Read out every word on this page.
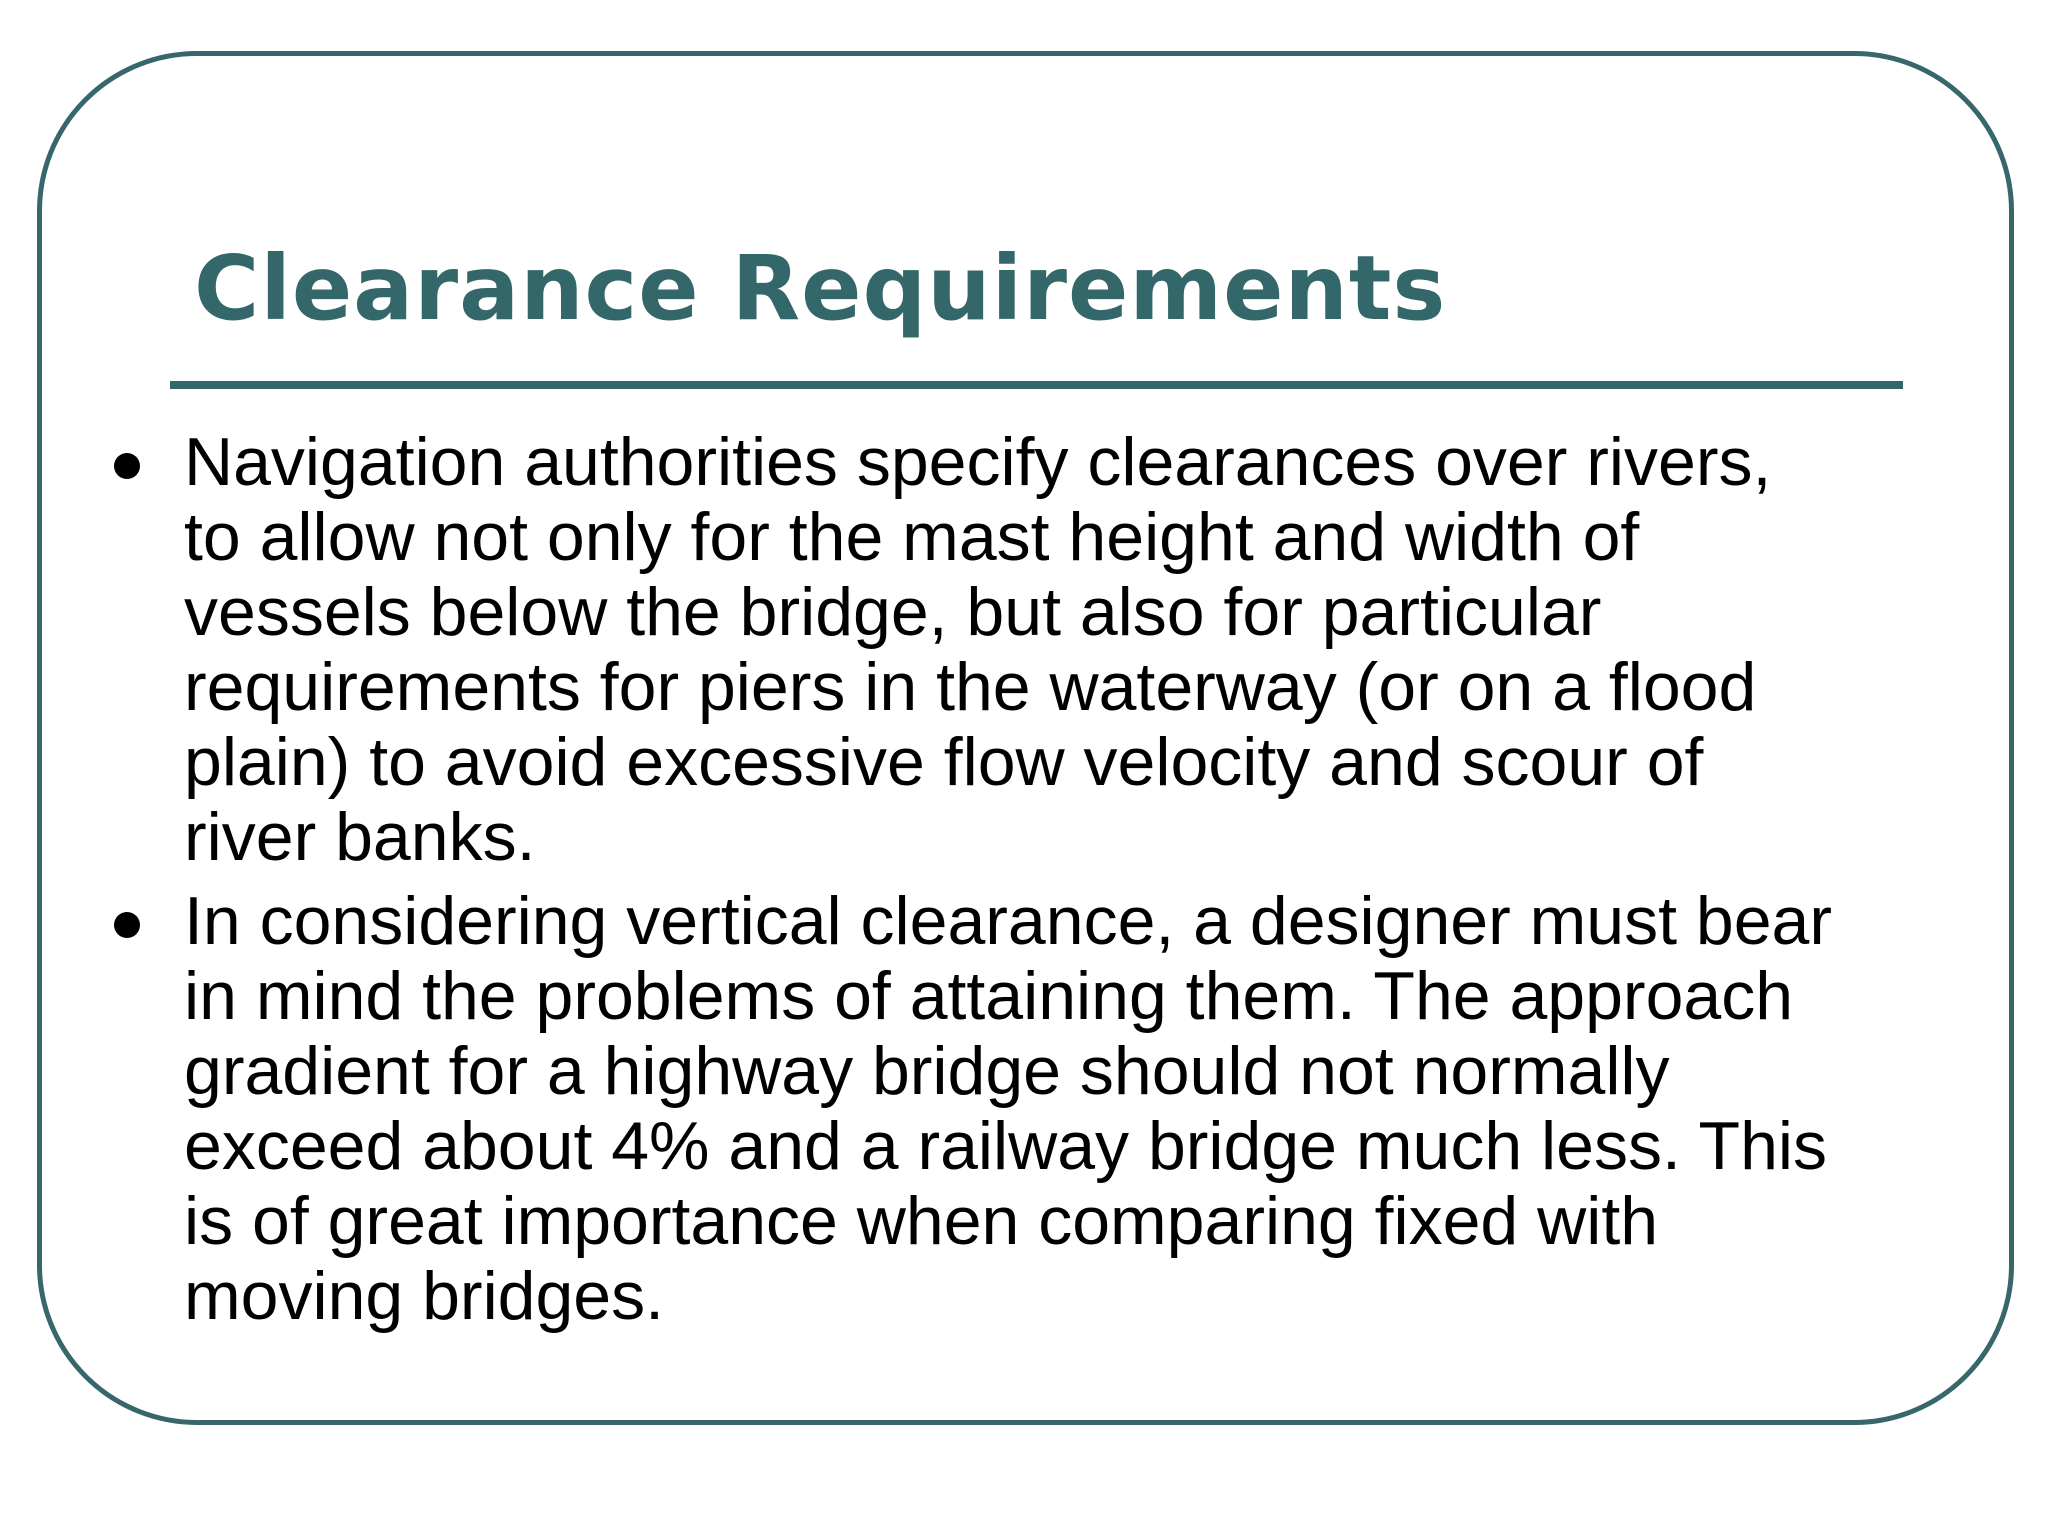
Clearance Requirements
Navigation authorities specify clearances over rivers,
to allow not only for the mast height and width of
vessels below the bridge, but also for particular
requirements for piers in the waterway (or on a flood
plain) to avoid excessive flow velocity and scour of
river banks.
In considering vertical clearance, a designer must bear
in mind the problems of attaining them. The approach
gradient for a highway bridge should not normally
exceed about 4% and a railway bridge much less. This
is of great importance when comparing fixed with
moving bridges.
